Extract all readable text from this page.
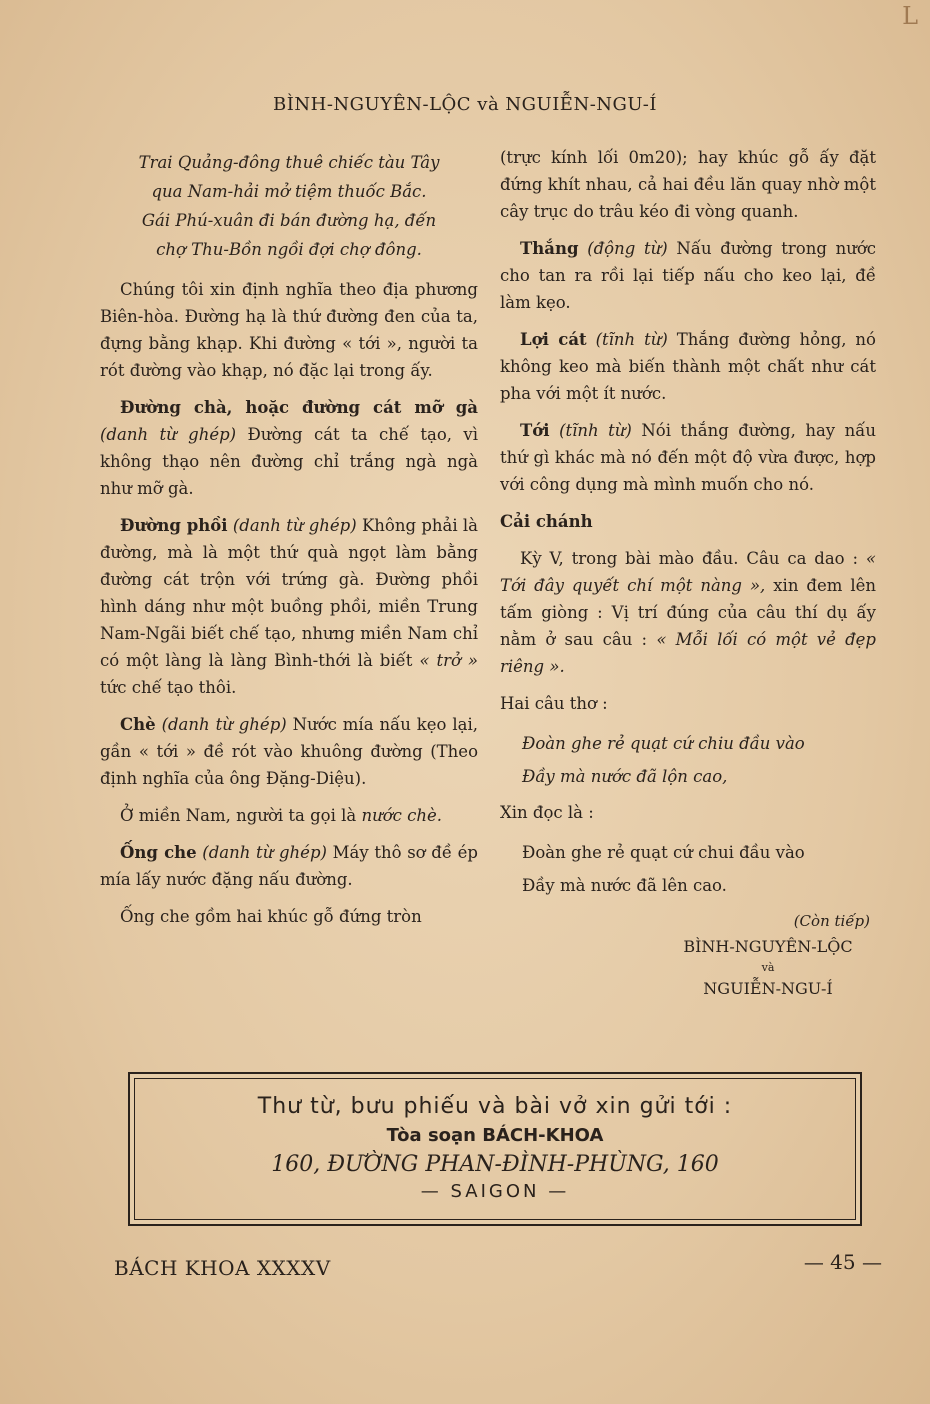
L
BÌNH-NGUYÊN-LỘC và NGUIỄN-NGU-Í
Trai Quảng-đông thuê chiếc tàu Tây
qua Nam-hải mở tiệm thuốc Bắc.
Gái Phú-xuân đi bán đường hạ, đến
chợ Thu-Bồn ngồi đợi chợ đông.

Chúng tôi xin định nghĩa theo địa phương Biên-hòa. Đường hạ là thứ đường đen của ta, đựng bằng khạp. Khi đường « tới », người ta rót đường vào khạp, nó đặc lại trong ấy.

Đường chà, hoặc đường cát mỡ gà (danh từ ghép) Đường cát ta chế tạo, vì không thạo nên đường chỉ trắng ngà ngà như mỡ gà.

Đường phồi (danh từ ghép) Không phải là đường, mà là một thứ quà ngọt làm bằng đường cát trộn với trứng gà. Đường phồi hình dáng như một buồng phồi, miền Trung Nam-Ngãi biết chế tạo, nhưng miền Nam chỉ có một làng là làng Bình-thới là biết « trở » tức chế tạo thôi.

Chè (danh từ ghép) Nước mía nấu kẹo lại, gần « tới » đề rót vào khuông đường (Theo định nghĩa của ông Đặng-Diệu).

Ở miền Nam, người ta gọi là nước chè.

Ống che (danh từ ghép) Máy thô sơ đề ép mía lấy nước đặng nấu đường.

Ống che gồm hai khúc gỗ đứng tròn

(trực kính lối 0m20); hay khúc gỗ ấy đặt đứng khít nhau, cả hai đều lăn quay nhờ một cây trục do trâu kéo đi vòng quanh.

Thắng (động từ) Nấu đường trong nước cho tan ra rồi lại tiếp nấu cho keo lại, đề làm kẹo.

Lợi cát (tĩnh từ) Thắng đường hỏng, nó không keo mà biến thành một chất như cát pha với một ít nước.

Tới (tĩnh từ) Nói thắng đường, hay nấu thứ gì khác mà nó đến một độ vừa được, hợp với công dụng mà mình muốn cho nó.

Cải chánh

Kỳ V, trong bài mào đầu. Câu ca dao : « Tới đây quyết chí một nàng », xin đem lên tấm giòng : Vị trí đúng của câu thí dụ ấy nằm ở sau câu : « Mỗi lối có một vẻ đẹp riêng ».

Hai câu thơ :

Đoàn ghe rẻ quạt cứ chiu đầu vào
Đầy mà nước đã lộn cao,

Xin đọc là :

Đoàn ghe rẻ quạt cứ chui đầu vào
Đầy mà nước đã lên cao.
(Còn tiếp)
BÌNH-NGUYÊN-LỘC
và
NGUIỄN-NGU-Í
Thư từ, bưu phiếu và bài vở xin gửi tới :
Tòa soạn BÁCH-KHOA
160, ĐƯỜNG PHAN-ĐÌNH-PHÙNG, 160
— SAIGON —
BÁCH KHOA XXXXV	— 45 —
